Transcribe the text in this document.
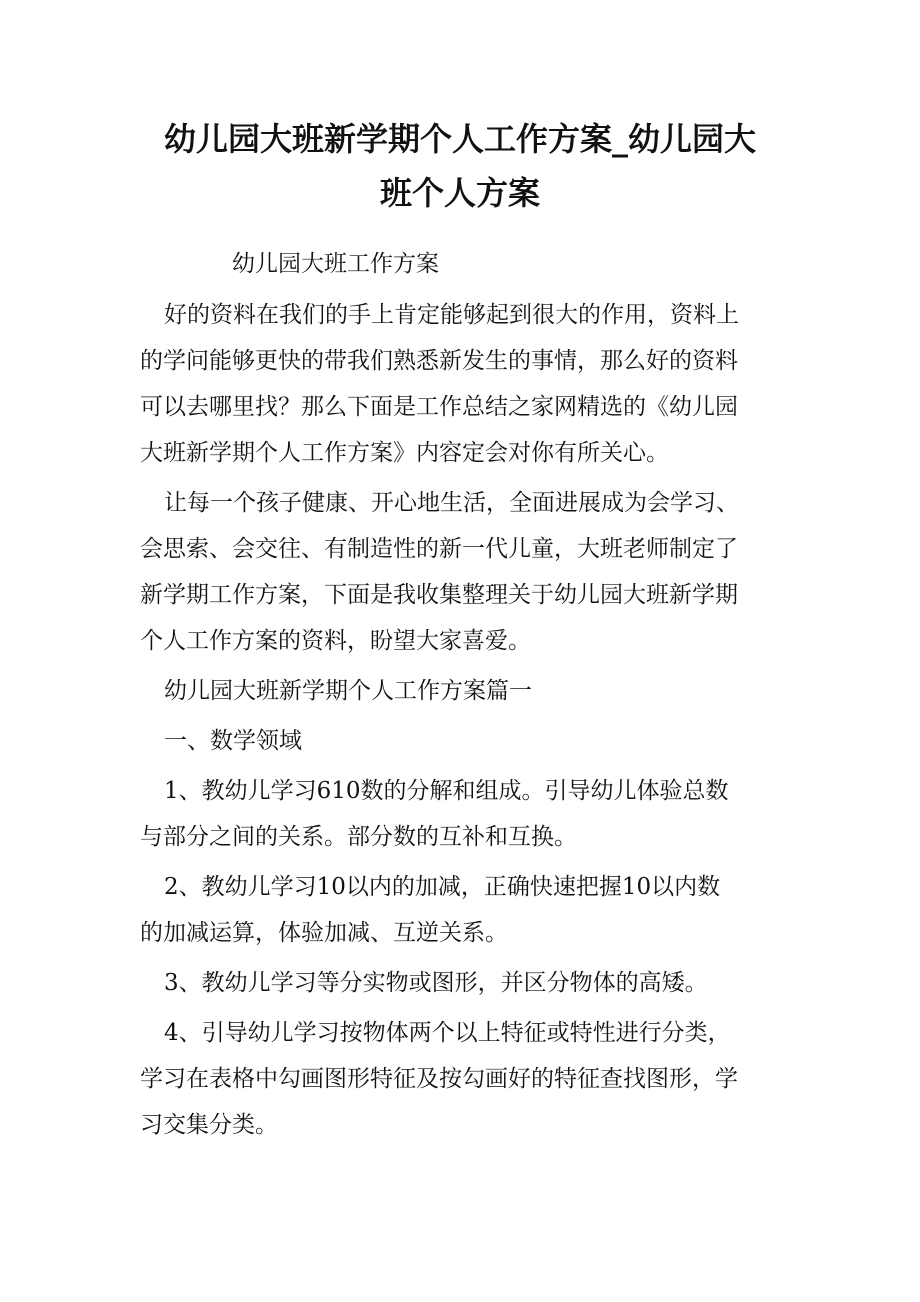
幼儿园大班新学期个人工作方案_幼儿园大
班个人方案
幼儿园大班工作方案
好的资料在我们的手上肯定能够起到很大的作用，资料上
的学问能够更快的带我们熟悉新发生的事情，那么好的资料
可以去哪里找？那么下面是工作总结之家网精选的《幼儿园
大班新学期个人工作方案》内容定会对你有所关心。
让每一个孩子健康、开心地生活，全面进展成为会学习、
会思索、会交往、有制造性的新一代儿童，大班老师制定了
新学期工作方案，下面是我收集整理关于幼儿园大班新学期
个人工作方案的资料，盼望大家喜爱。
幼儿园大班新学期个人工作方案篇一
一、数学领域
1、教幼儿学习610数的分解和组成。引导幼儿体验总数
与部分之间的关系。部分数的互补和互换。
2、教幼儿学习10以内的加减，正确快速把握10以内数
的加减运算，体验加减、互逆关系。
3、教幼儿学习等分实物或图形，并区分物体的高矮。
4、引导幼儿学习按物体两个以上特征或特性进行分类，
学习在表格中勾画图形特征及按勾画好的特征查找图形，学
习交集分类。
